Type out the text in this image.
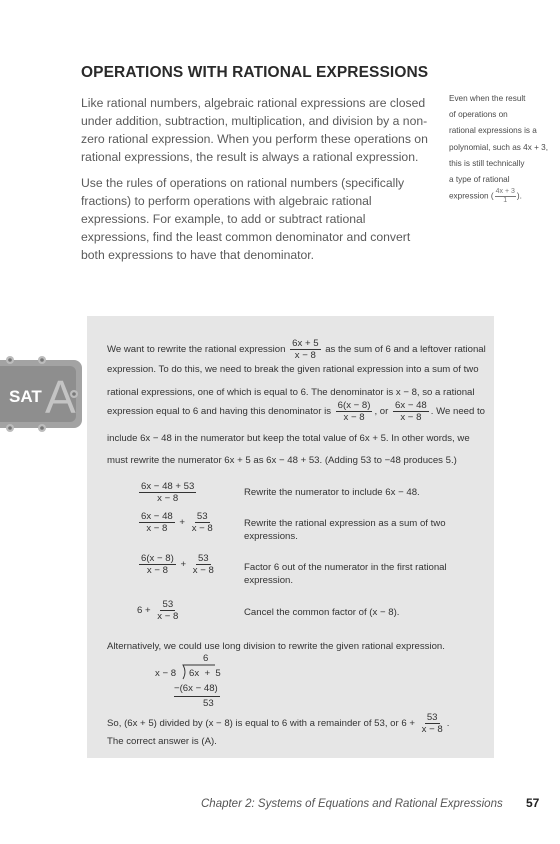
OPERATIONS WITH RATIONAL EXPRESSIONS

Like rational numbers, algebraic rational expressions are closed under addition, subtraction, multiplication, and division by a non-zero rational expression. When you perform these operations on rational expressions, the result is always a rational expression.

Use the rules of operations on rational numbers (specifically fractions) to perform operations with algebraic rational expressions. For example, to add or subtract rational expressions, find the least common denominator and convert both expressions to have that denominator.

Even when the result
of operations on
rational expressions is a
polynomial, such as 4x + 3,
this is still technically
a type of rational
expression ( $\frac{4x + 3}{1}$ ).
SAT A
We want to rewrite the rational expression $\frac{6x + 5}{x - 8}$ as the sum of 6 and a leftover rational
expression. To do this, we need to break the given rational expression into a sum of two
rational expressions, one of which is equal to 6. The denominator is x − 8, so a rational
expression equal to 6 and having this denominator is $\frac{6(x - 8)}{x - 8}$ , or $\frac{6x - 48}{x - 8}$ . We need to
include 6x − 48 in the numerator but keep the total value of 6x + 5. In other words, we
must rewrite the numerator 6x + 5 as 6x − 48 + 53. (Adding 53 to −48 produces 5.)
$\frac{6x - 48 + 53}{x - 8}$	Rewrite the numerator to include 6x − 48.
$\frac{6x - 48}{x - 8} + \frac{53}{x - 8}$	Rewrite the rational expression as a sum of two
expressions.
$\frac{6(x - 8)}{x - 8} + \frac{53}{x - 8}$	Factor 6 out of the numerator in the first rational
expression.
$6 + \frac{53}{x - 8}$	Cancel the common factor of (x − 8).
Alternatively, we could use long division to rewrite the given rational expression.
6
x − 8 6x  +  5
−(6x − 48)
53
So, (6x + 5) divided by (x − 8) is equal to 6 with a remainder of 53, or $6 + \frac{53}{x - 8}$ .
The correct answer is (A).
Chapter 2: Systems of Equations and Rational Expressions 57
